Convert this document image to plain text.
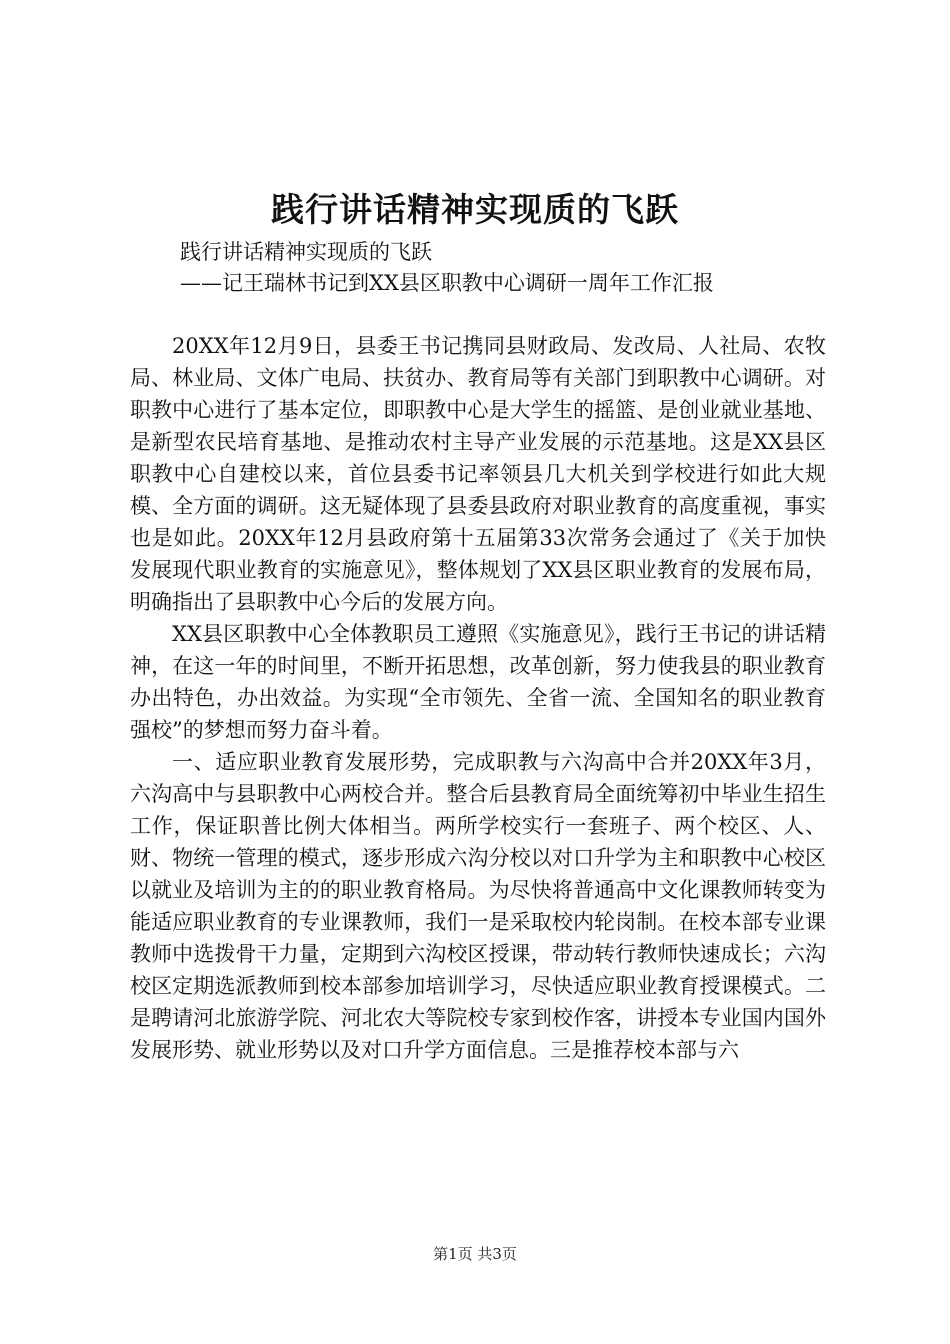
践行讲话精神实现质的飞跃
践行讲话精神实现质的飞跃
——记王瑞林书记到XX县区职教中心调研一周年工作汇报

20XX年12月9日，县委王书记携同县财政局、发改局、人社局、农牧局、林业局、文体广电局、扶贫办、教育局等有关部门到职教中心调研。对职教中心进行了基本定位，即职教中心是大学生的摇篮、是创业就业基地、是新型农民培育基地、是推动农村主导产业发展的示范基地。这是XX县区职教中心自建校以来，首位县委书记率领县几大机关到学校进行如此大规模、全方面的调研。这无疑体现了县委县政府对职业教育的高度重视，事实也是如此。20XX年12月县政府第十五届第33次常务会通过了《关于加快发展现代职业教育的实施意见》，整体规划了XX县区职业教育的发展布局，明确指出了县职教中心今后的发展方向。

XX县区职教中心全体教职员工遵照《实施意见》，践行王书记的讲话精神，在这一年的时间里，不断开拓思想，改革创新，努力使我县的职业教育办出特色，办出效益。为实现“全市领先、全省一流、全国知名的职业教育强校”的梦想而努力奋斗着。

一、适应职业教育发展形势，完成职教与六沟高中合并20XX年3月，六沟高中与县职教中心两校合并。整合后县教育局全面统筹初中毕业生招生工作，保证职普比例大体相当。两所学校实行一套班子、两个校区、人、财、物统一管理的模式，逐步形成六沟分校以对口升学为主和职教中心校区以就业及培训为主的的职业教育格局。为尽快将普通高中文化课教师转变为能适应职业教育的专业课教师，我们一是采取校内轮岗制。在校本部专业课教师中选拨骨干力量，定期到六沟校区授课，带动转行教师快速成长；六沟校区定期选派教师到校本部参加培训学习，尽快适应职业教育授课模式。二是聘请河北旅游学院、河北农大等院校专家到校作客，讲授本专业国内国外发展形势、就业形势以及对口升学方面信息。三是推荐校本部与六

第1页 共3页
